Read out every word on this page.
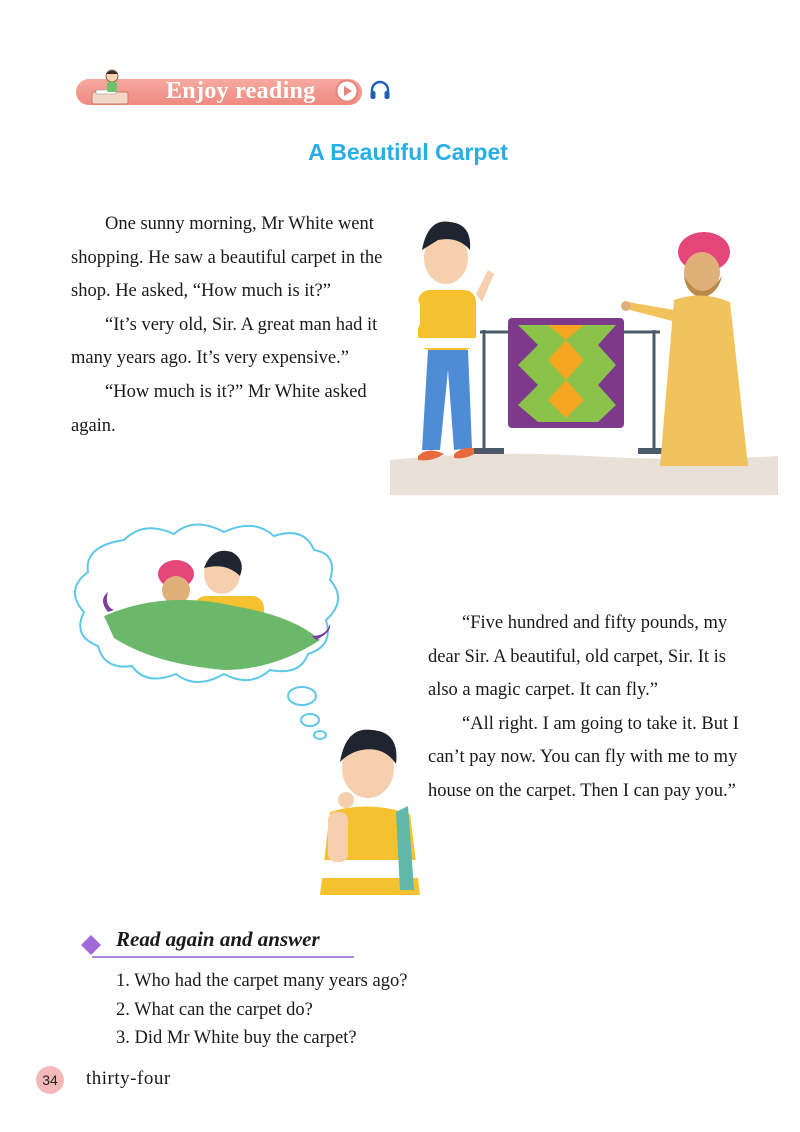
Enjoy reading
A Beautiful Carpet

One sunny morning, Mr White went shopping. He saw a beautiful carpet in the shop. He asked, “How much is it?”

“It’s very old, Sir. A great man had it many years ago. It’s very expensive.”

“How much is it?” Mr White asked again.

“Five hundred and fifty pounds, my dear Sir. A beautiful, old carpet, Sir. It is also a magic carpet. It can fly.”

“All right. I am going to take it. But I can’t pay now. You can fly with me to my house on the carpet. Then I can pay you.”

Read again and answer
1. Who had the carpet many years ago?
2. What can the carpet do?
3. Did Mr White buy the carpet?
34	thirty-four
